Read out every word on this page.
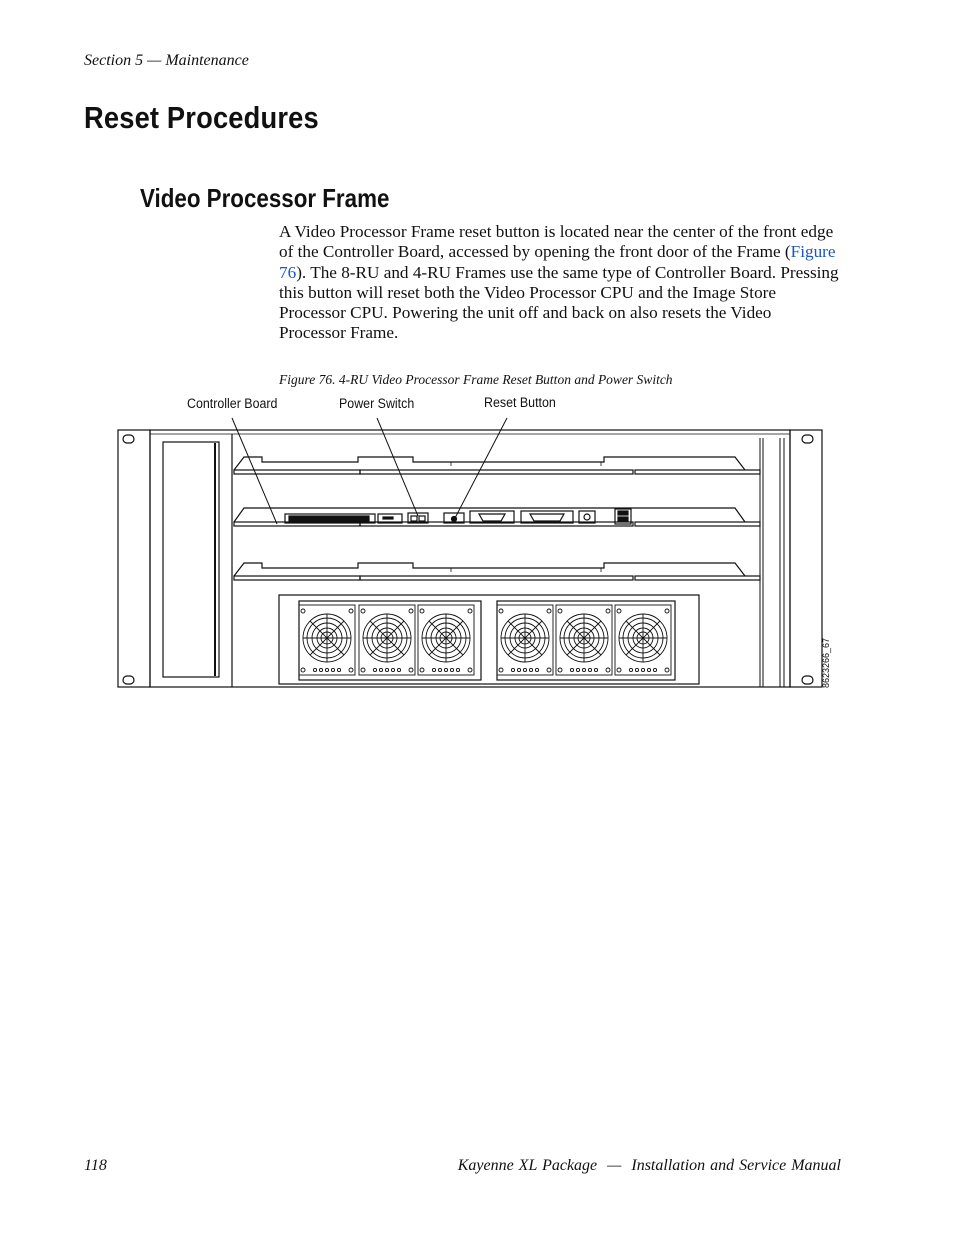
Section 5 — Maintenance
Reset Procedures
Video Processor Frame

A Video Processor Frame reset button is located near the center of the front edge of the Controller Board, accessed by opening the front door of the Frame (Figure 76). The 8-RU and 4-RU Frames use the same type of Controller Board. Pressing this button will reset both the Video Processor CPU and the Image Store Processor CPU. Powering the unit off and back on also resets the Video Processor Frame.

Figure 76. 4-RU Video Processor Frame Reset Button and Power Switch
Controller Board	Power Switch	Reset Button
8623266_67
118	Kayenne XL Package  —  Installation and Service Manual
